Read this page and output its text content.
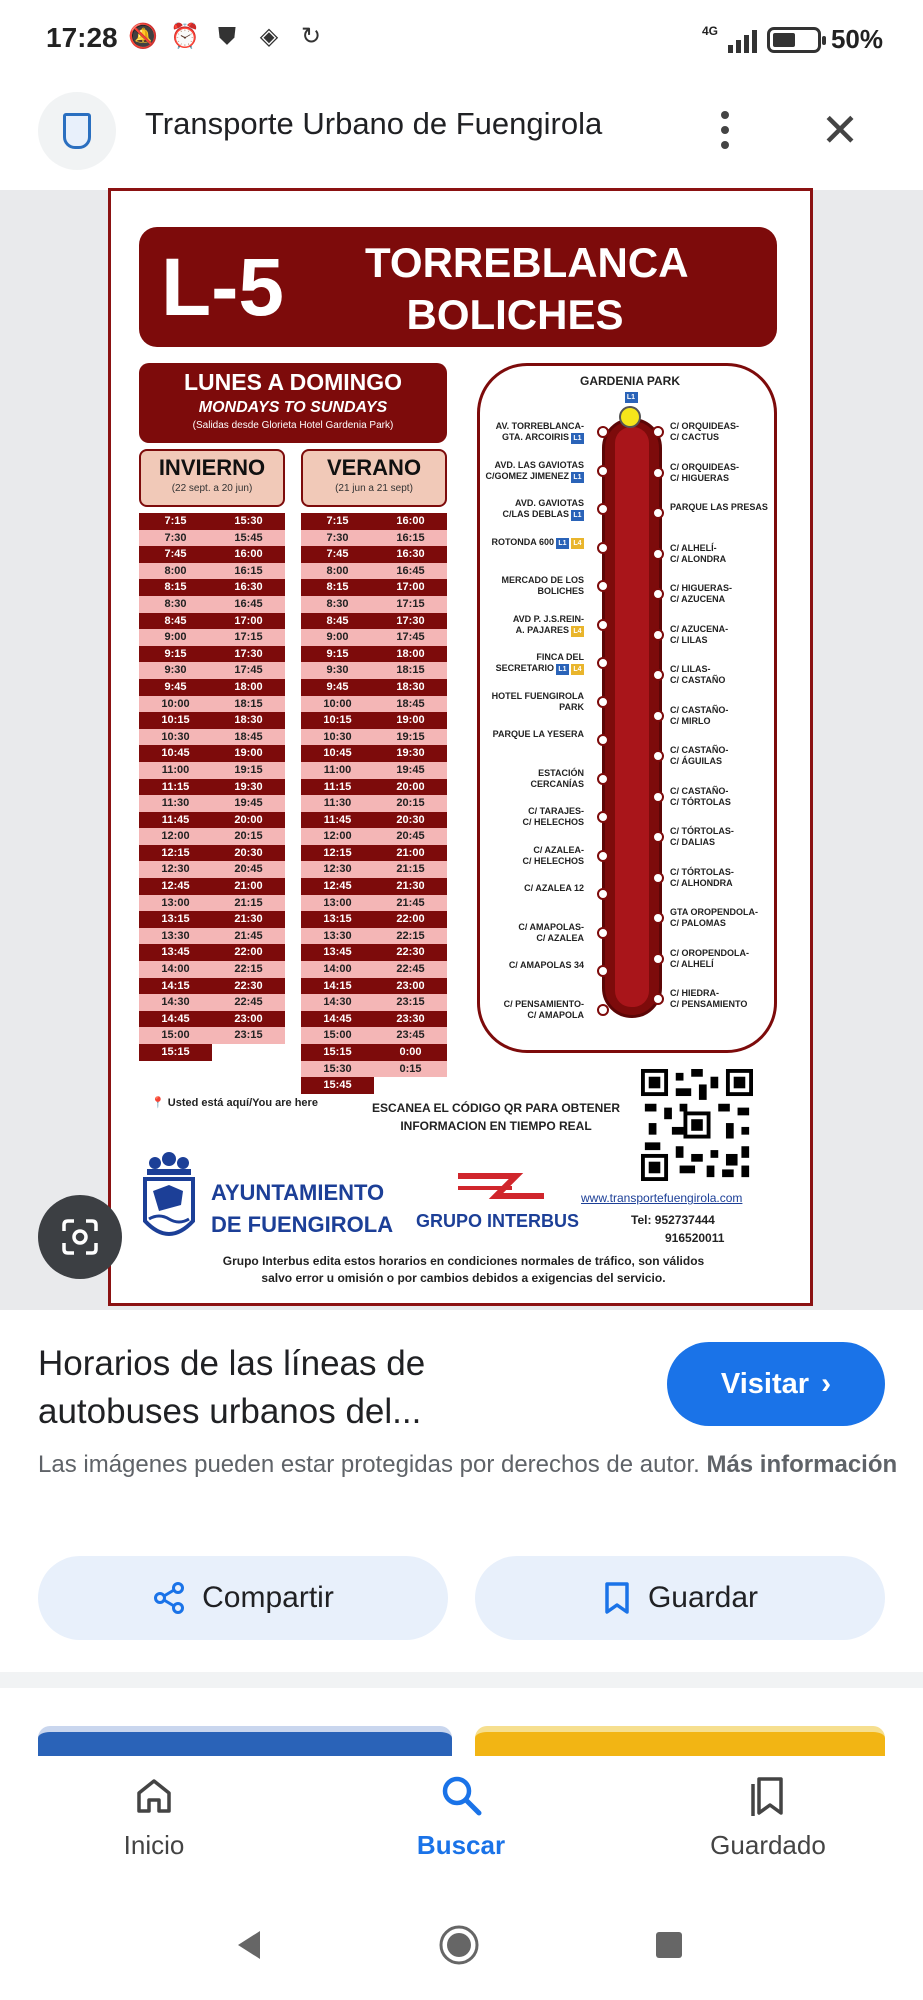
17:28 🔕 ⏰ ⛊ ◈ ↻	4G	50%
Transporte Urbano de Fuengirola	✕
L-5 TORREBLANCA
BOLICHES
LUNES A DOMINGO
MONDAYS TO SUNDAYS
(Salidas desde Glorieta Hotel Gardenia Park)
INVIERNO
(22 sept. a 20 jun)
VERANO
(21 jun a 21 sept)
7:15	15:30
7:30	15:45
7:45	16:00
8:00	16:15
8:15	16:30
8:30	16:45
8:45	17:00
9:00	17:15
9:15	17:30
9:30	17:45
9:45	18:00
10:00	18:15
10:15	18:30
10:30	18:45
10:45	19:00
11:00	19:15
11:15	19:30
11:30	19:45
11:45	20:00
12:00	20:15
12:15	20:30
12:30	20:45
12:45	21:00
13:00	21:15
13:15	21:30
13:30	21:45
13:45	22:00
14:00	22:15
14:15	22:30
14:30	22:45
14:45	23:00
15:00	23:15
15:15
7:15	16:00
7:30	16:15
7:45	16:30
8:00	16:45
8:15	17:00
8:30	17:15
8:45	17:30
9:00	17:45
9:15	18:00
9:30	18:15
9:45	18:30
10:00	18:45
10:15	19:00
10:30	19:15
10:45	19:30
11:00	19:45
11:15	20:00
11:30	20:15
11:45	20:30
12:00	20:45
12:15	21:00
12:30	21:15
12:45	21:30
13:00	21:45
13:15	22:00
13:30	22:15
13:45	22:30
14:00	22:45
14:15	23:00
14:30	23:15
14:45	23:30
15:00	23:45
15:15	0:00
15:30	0:15
15:45
GARDENIA PARK
L1
AV. TORREBLANCA-
GTA. ARCOIRIS L1
AVD. LAS GAVIOTAS
C/GOMEZ JIMENEZ L1
AVD. GAVIOTAS
C/LAS DEBLAS L1
ROTONDA 600 L1 L4
MERCADO DE LOS
BOLICHES
AVD P. J.S.REIN-
A. PAJARES L4
FINCA DEL
SECRETARIO L1 L4
HOTEL FUENGIROLA
PARK
PARQUE LA YESERA
ESTACIÓN CERCANÍAS
C/ TARAJES-
C/ HELECHOS
C/ AZALEA-
C/ HELECHOS
C/ AZALEA 12
C/ AMAPOLAS-
C/ AZALEA
C/ AMAPOLAS 34
C/ PENSAMIENTO-
C/ AMAPOLA
C/ ORQUIDEAS-
C/ CACTUS
C/ ORQUIDEAS-
C/ HIGUERAS
PARQUE LAS PRESAS
C/ ALHELÍ-
C/ ALONDRA
C/ HIGUERAS-
C/ AZUCENA
C/ AZUCENA-
C/ LILAS
C/ LILAS-
C/ CASTAÑO
C/ CASTAÑO-
C/ MIRLO
C/ CASTAÑO-
C/ ÁGUILAS
C/ CASTAÑO-
C/ TÓRTOLAS
C/ TÓRTOLAS-
C/ DALIAS
C/ TÓRTOLAS-
C/ ALHONDRA
GTA OROPENDOLA-
C/ PALOMAS
C/ OROPENDOLA-
C/ ALHELÍ
C/ HIEDRA-
C/ PENSAMIENTO
📍 Usted está aquí/You are here	ESCANEA EL CÓDIGO QR PARA OBTENER INFORMACION EN TIEMPO REAL
AYUNTAMIENTO
DE FUENGIROLA GRUPO INTERBUS
www.transportefuengirola.com
Tel: 952737444
916520011
Grupo Interbus edita estos horarios en condiciones normales de tráfico, son válidos
salvo error u omisión o por cambios debidos a exigencias del servicio.
Horarios de las líneas de
autobuses urbanos del...
Visitar ›
Las imágenes pueden estar protegidas por derechos de autor. Más información
Compartir	Guardar
Inicio	Buscar	Guardado
